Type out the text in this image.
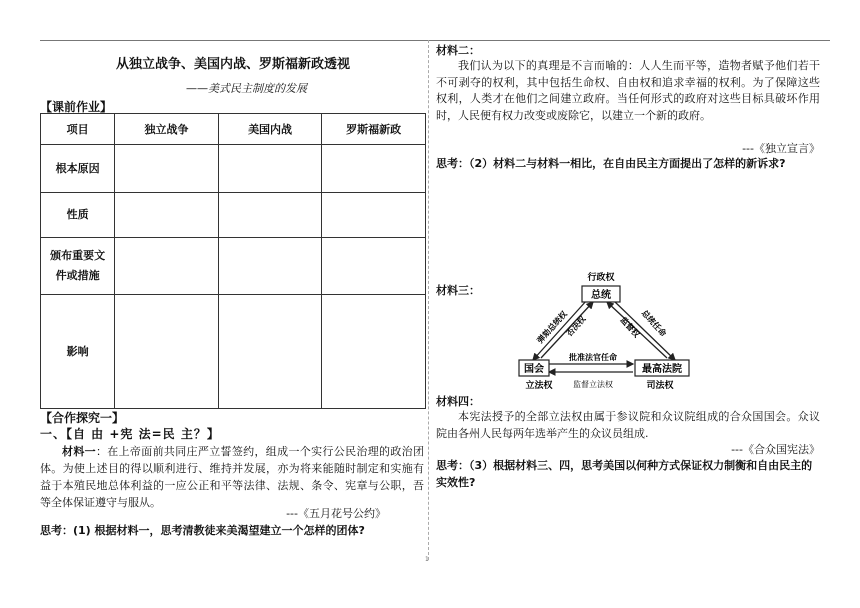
1
从独立战争、美国内战、罗斯福新政透视
——美式民主制度的发展
【课前作业】
项目	独立战争	美国内战	罗斯福新政
根本原因			
性质			
颁布重要文件或措施			
影响			
【合作探究一】
一、【自 由 +宪 法=民 主？】
材料一：在上帝面前共同庄严立誓签约，组成一个实行公民治理的政治团体。为使上述目的得以顺利进行、维持并发展，亦为将来能随时制定和实施有益于本殖民地总体利益的一应公正和平等法律、法规、条令、宪章与公职，吾等全体保证遵守与服从。
---《五月花号公约》
思考：(1) 根据材料一，思考清教徒来美渴望建立一个怎样的团体?
材料二：
我们认为以下的真理是不言而喻的：人人生而平等，造物者赋予他们若干不可剥夺的权利，其中包括生命权、自由权和追求幸福的权利。为了保障这些权利，人类才在他们之间建立政府。当任何形式的政府对这些目标具破坏作用时，人民便有权力改变或废除它，以建立一个新的政府。
---《独立宣言》
思考：（2）材料二与材料一相比，在自由民主方面提出了怎样的新诉求?
材料三：
行政权
总统
国会
立法权
最高法院
司法权
弹劾总统权
否决权	总统任命
监督权
批准法官任命
监督立法权
材料四：
本宪法授予的全部立法权由属于参议院和众议院组成的合众国国会。众议院由各州人民每两年选举产生的众议员组成.
---《合众国宪法》
思考：（3）根据材料三、四，思考美国以何种方式保证权力制衡和自由民主的实效性?
